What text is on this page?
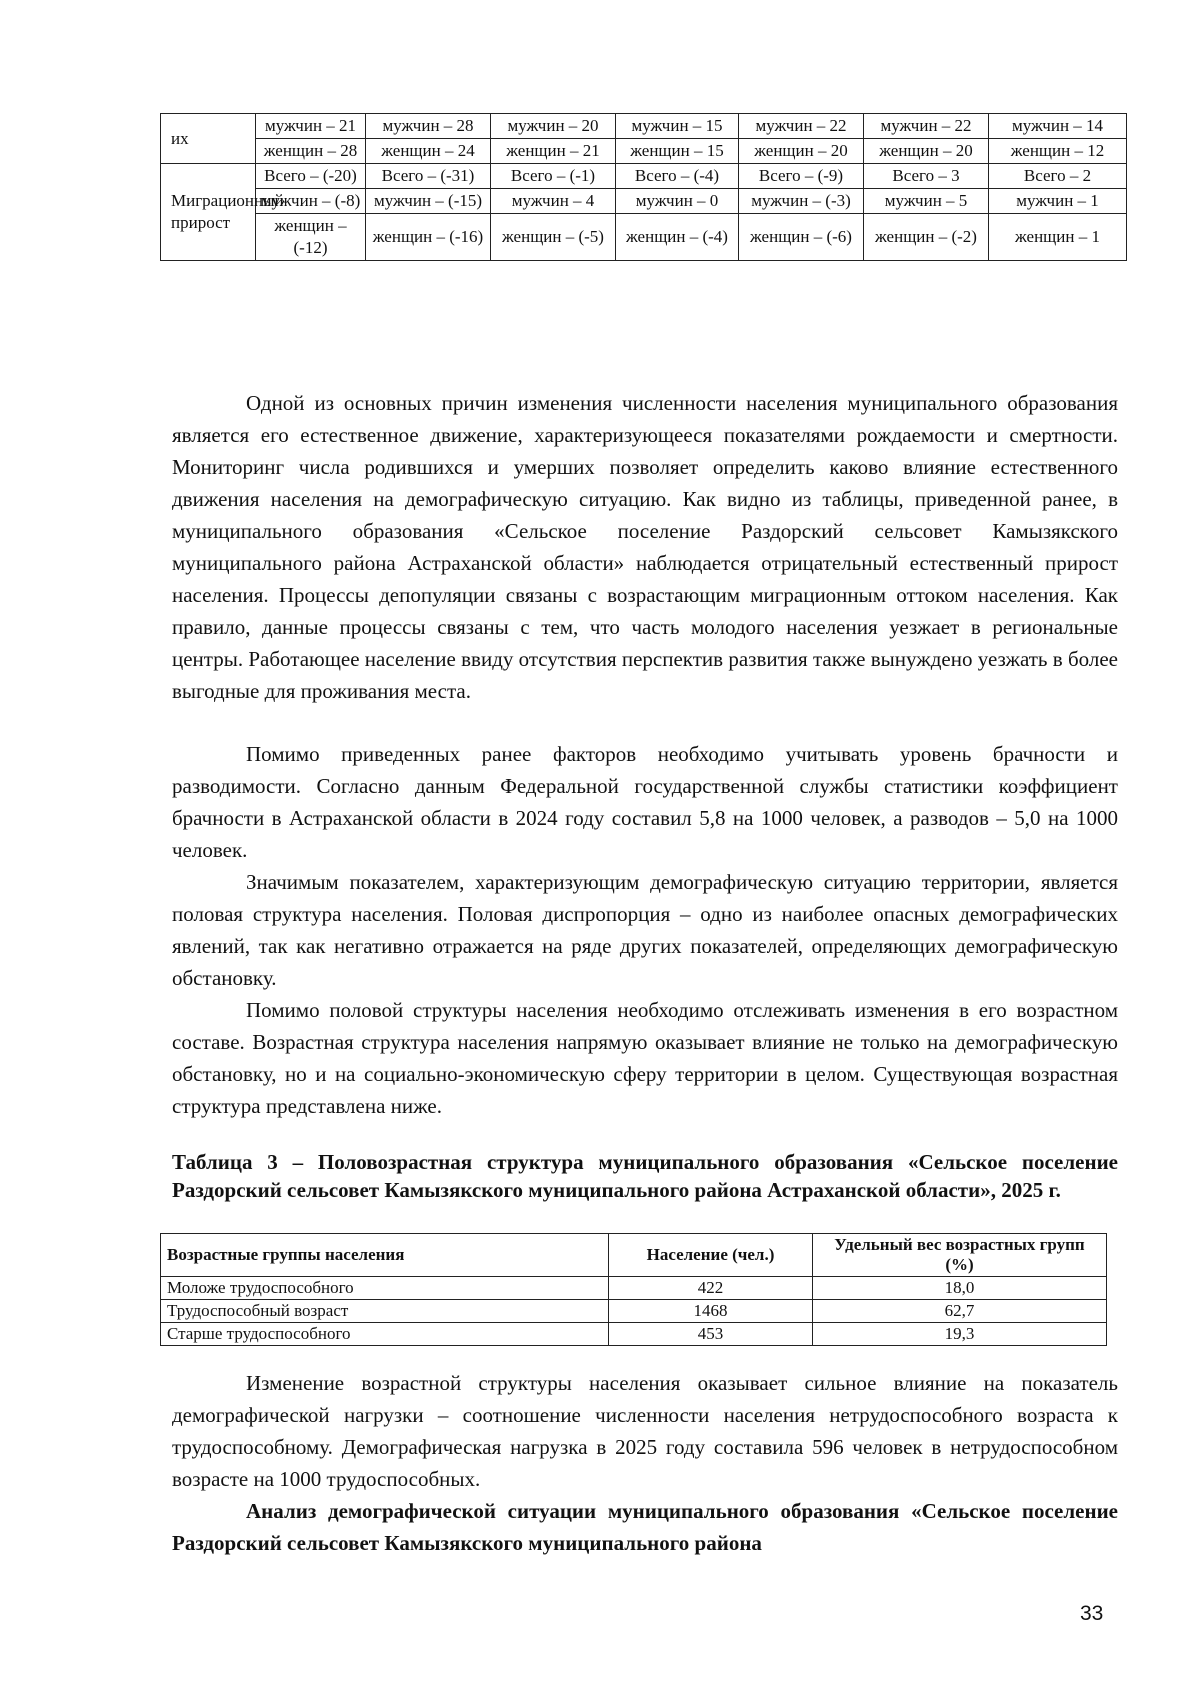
их	мужчин – 21	мужчин – 28	мужчин – 20	мужчин – 15	мужчин – 22	мужчин – 22	мужчин – 14
	женщин – 28	женщин – 24	женщин – 21	женщин – 15	женщин – 20	женщин – 20	женщин – 12
Миграционный прирост	Всего – (-20)	Всего – (-31)	Всего – (-1)	Всего – (-4)	Всего – (-9)	Всего – 3	Всего – 2
	мужчин – (-8)	мужчин – (-15)	мужчин – 4	мужчин – 0	мужчин – (-3)	мужчин – 5	мужчин – 1
	женщин – (-12)	женщин – (-16)	женщин – (-5)	женщин – (-4)	женщин – (-6)	женщин – (-2)	женщин – 1

Одной из основных причин изменения численности населения муниципального образования является его естественное движение, характеризующееся показателями рождаемости и смертности. Мониторинг числа родившихся и умерших позволяет определить каково влияние естественного движения населения на демографическую ситуацию. Как видно из таблицы, приведенной ранее, в муниципального образования «Сельское поселение Раздорский сельсовет Камызякского муниципального района Астраханской области» наблюдается отрицательный естественный прирост населения. Процессы депопуляции связаны с возрастающим миграционным оттоком населения. Как правило, данные процессы связаны с тем, что часть молодого населения уезжает в региональные центры. Работающее население ввиду отсутствия перспектив развития также вынуждено уезжать в более выгодные для проживания места.

Помимо приведенных ранее факторов необходимо учитывать уровень брачности и разводимости. Согласно данным Федеральной государственной службы статистики коэффициент брачности в Астраханской области в 2024 году составил 5,8 на 1000 человек, а разводов – 5,0 на 1000 человек.

Значимым показателем, характеризующим демографическую ситуацию территории, является половая структура населения. Половая диспропорция – одно из наиболее опасных демографических явлений, так как негативно отражается на ряде других показателей, определяющих демографическую обстановку.

Помимо половой структуры населения необходимо отслеживать изменения в его возрастном составе. Возрастная структура населения напрямую оказывает влияние не только на демографическую обстановку, но и на социально-экономическую сферу территории в целом. Существующая возрастная структура представлена ниже.

Таблица 3 – Половозрастная структура муниципального образования «Сельское поселение Раздорский сельсовет Камызякского муниципального района Астраханской области», 2025 г.

Возрастные группы населения	Население (чел.)	Удельный вес возрастных групп (%)
Моложе трудоспособного	422	18,0
Трудоспособный возраст	1468	62,7
Старше трудоспособного	453	19,3

Изменение возрастной структуры населения оказывает сильное влияние на показатель демографической нагрузки – соотношение численности населения нетрудоспособного возраста к трудоспособному. Демографическая нагрузка в 2025 году составила 596 человек в нетрудоспособном возрасте на 1000 трудоспособных.

Анализ демографической ситуации муниципального образования «Сельское поселение Раздорский сельсовет Камызякского муниципального района

33
